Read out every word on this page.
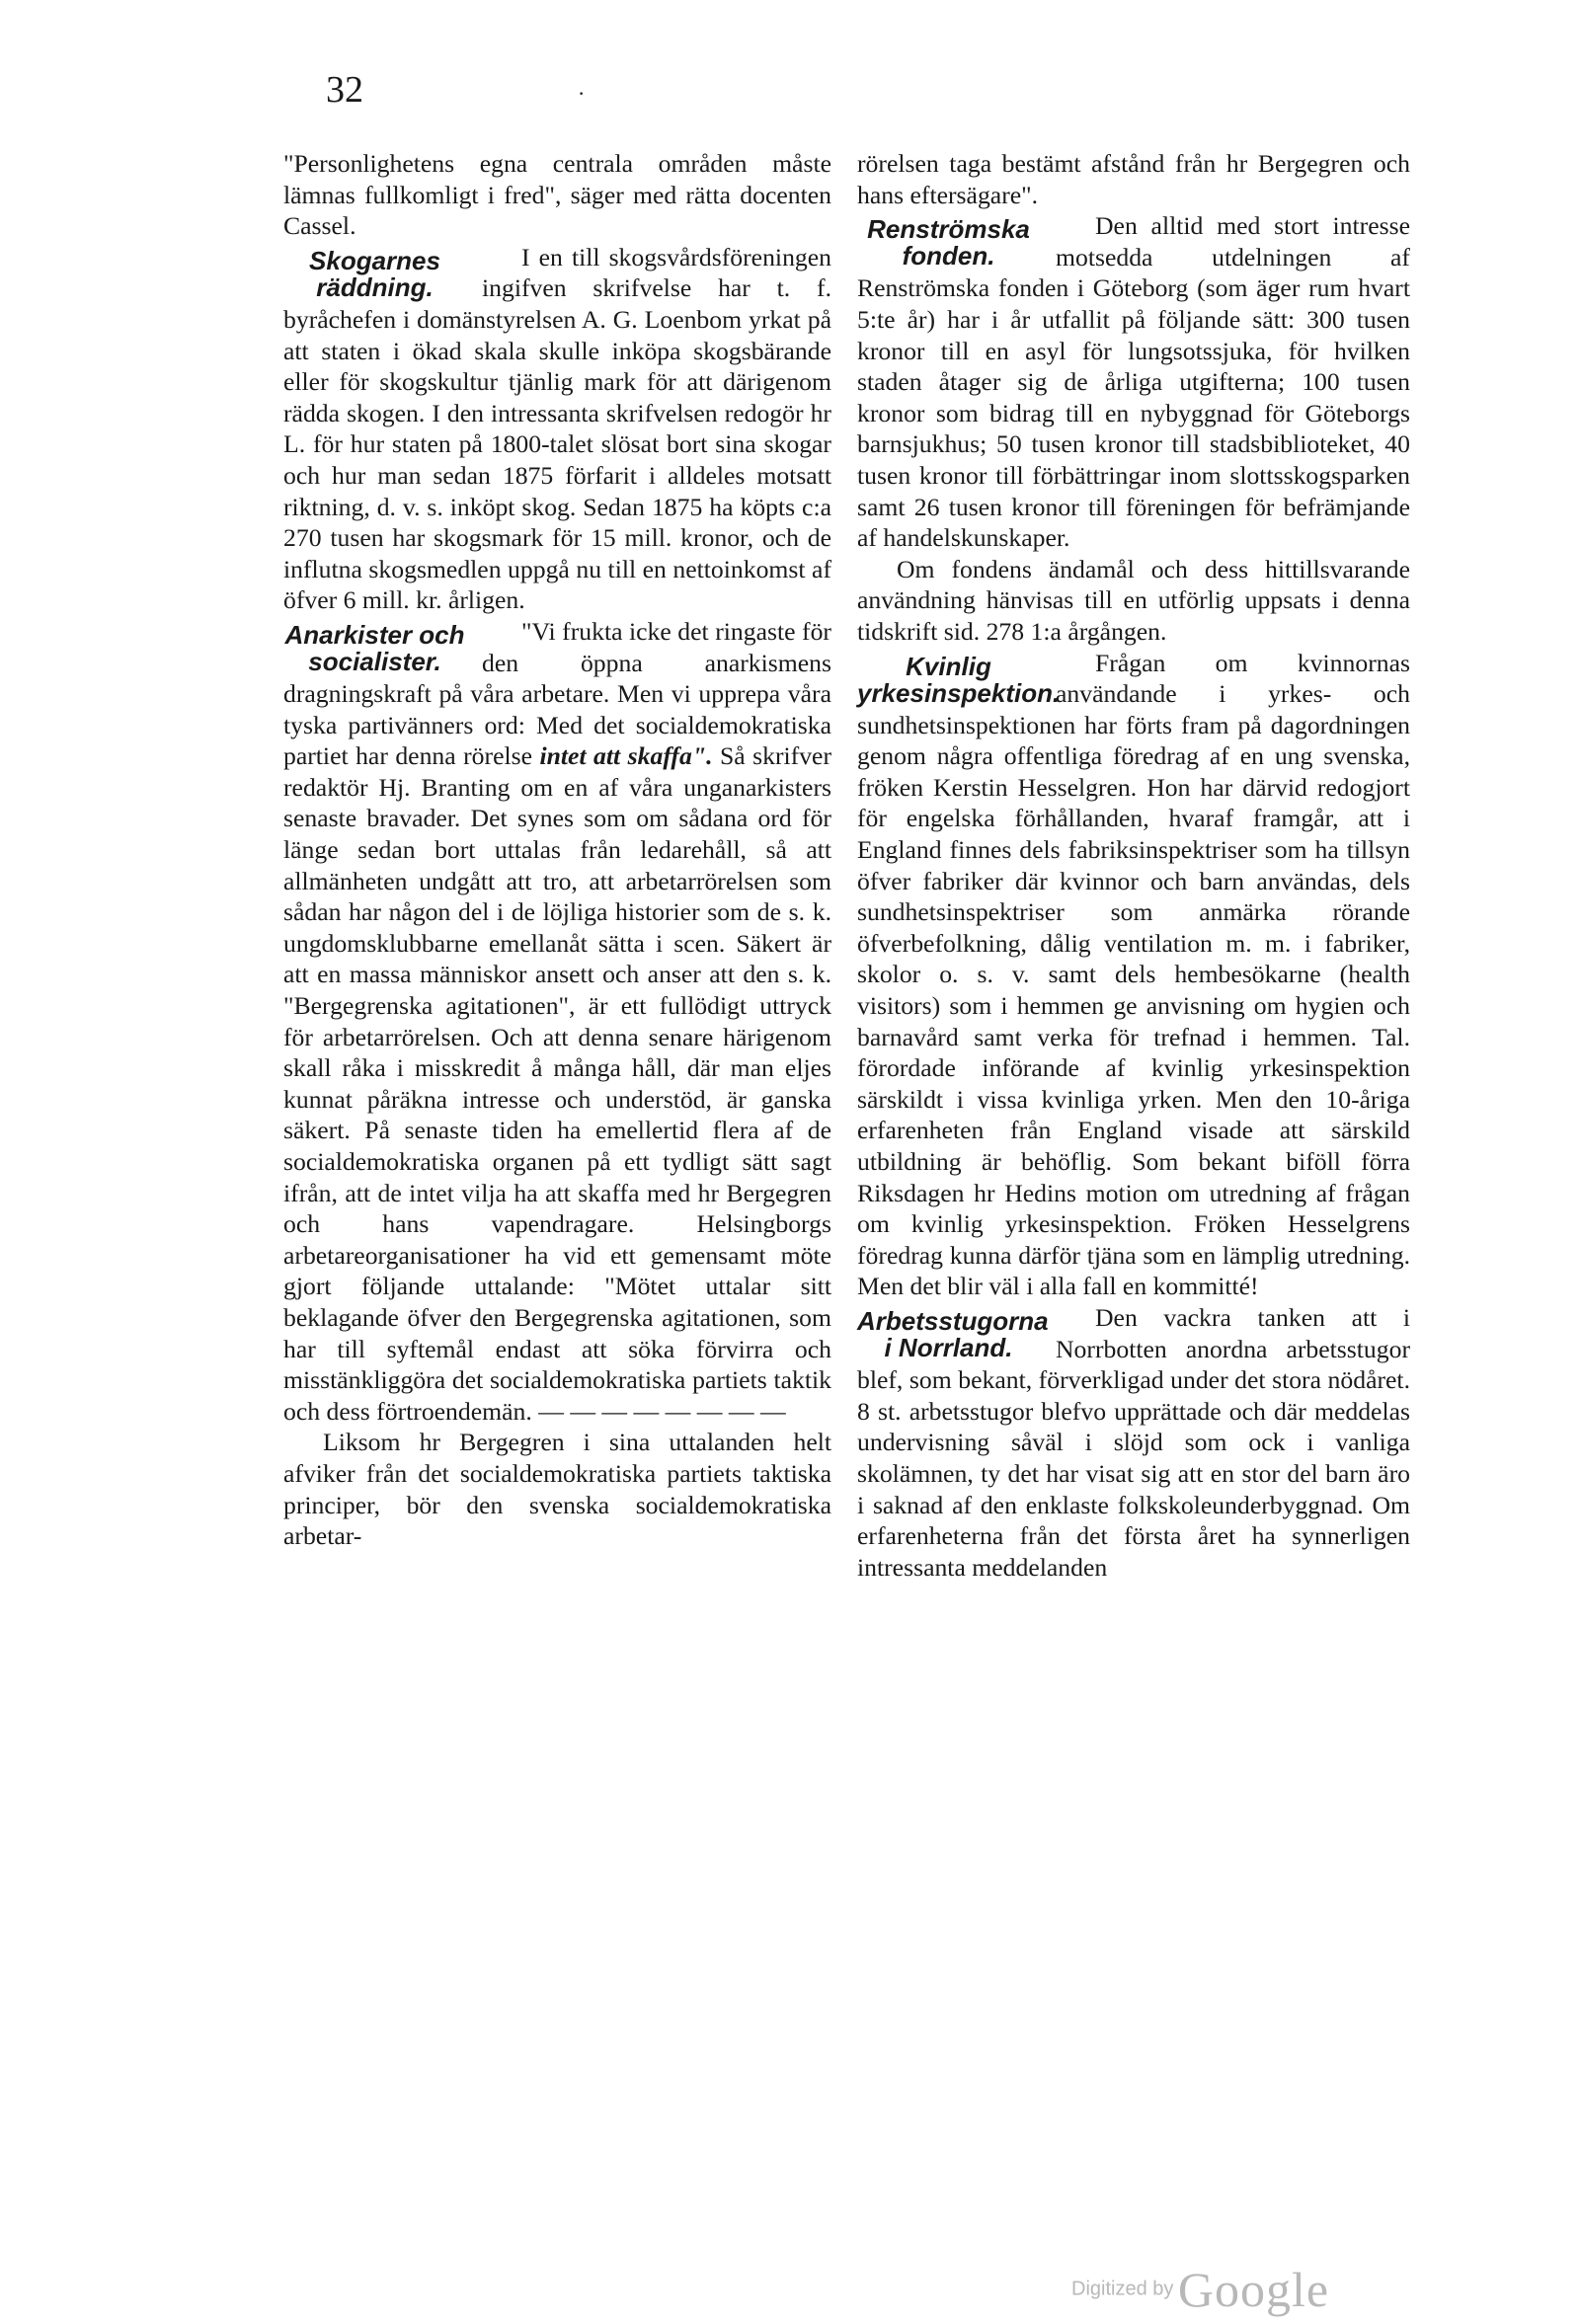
32	·

"Personlighetens egna centrala områden måste lämnas fullkomligt i fred", säger med rätta docenten Cassel.

Skogarnes räddning.

I en till skogsvårdsföreningen ingifven skrifvelse har t. f. byråchefen i domänstyrelsen A. G. Loenbom yrkat på att staten i ökad skala skulle inköpa skogsbärande eller för skogskultur tjänlig mark för att därigenom rädda skogen. I den intressanta skrifvelsen redogör hr L. för hur staten på 1800-talet slösat bort sina skogar och hur man sedan 1875 förfarit i alldeles motsatt riktning, d. v. s. inköpt skog. Sedan 1875 ha köpts c:a 270 tusen har skogsmark för 15 mill. kronor, och de influtna skogsmedlen uppgå nu till en nettoinkomst af öfver 6 mill. kr. årligen.

Anarkister och socialister.

"Vi frukta icke det ringaste för den öppna anarkismens dragningskraft på våra arbetare. Men vi upprepa våra tyska partivänners ord: Med det socialdemokratiska partiet har denna rörelse intet att skaffa". Så skrifver redaktör Hj. Branting om en af våra unganarkisters senaste bravader. Det synes som om sådana ord för länge sedan bort uttalas från ledarehåll, så att allmänheten undgått att tro, att arbetarrörelsen som sådan har någon del i de löjliga historier som de s. k. ungdomsklubbarne emellanåt sätta i scen. Säkert är att en massa människor ansett och anser att den s. k. "Bergegrenska agitationen", är ett fullödigt uttryck för arbetarrörelsen. Och att denna senare härigenom skall råka i misskredit å många håll, där man eljes kunnat påräkna intresse och understöd, är ganska säkert. På senaste tiden ha emellertid flera af de socialdemokratiska organen på ett tydligt sätt sagt ifrån, att de intet vilja ha att skaffa med hr Bergegren och hans vapendragare. Helsingborgs arbetareorganisationer ha vid ett gemensamt möte gjort följande uttalande: "Mötet uttalar sitt beklagande öfver den Bergegrenska agitationen, som har till syftemål endast att söka förvirra och misstänkliggöra det socialdemokratiska partiets taktik och dess förtroendemän. — — — — — — — —

Liksom hr Bergegren i sina uttalanden helt afviker från det socialdemokratiska partiets taktiska principer, bör den svenska socialdemokratiska arbetar-

rörelsen taga bestämt afstånd från hr Bergegren och hans eftersägare".

Renströmska fonden.

Den alltid med stort intresse motsedda utdelningen af Renströmska fonden i Göteborg (som äger rum hvart 5:te år) har i år utfallit på följande sätt: 300 tusen kronor till en asyl för lungsotssjuka, för hvilken staden åtager sig de årliga utgifterna; 100 tusen kronor som bidrag till en nybyggnad för Göteborgs barnsjukhus; 50 tusen kronor till stadsbiblioteket, 40 tusen kronor till förbättringar inom slottsskogsparken samt 26 tusen kronor till föreningen för befrämjande af handelskunskaper.

Om fondens ändamål och dess hittillsvarande användning hänvisas till en utförlig uppsats i denna tidskrift sid. 278 1:a årgången.

Kvinlig yrkesinspektion.

Frågan om kvinnornas användande i yrkes- och sundhetsinspektionen har förts fram på dagordningen genom några offentliga föredrag af en ung svenska, fröken Kerstin Hesselgren. Hon har därvid redogjort för engelska förhållanden, hvaraf framgår, att i England finnes dels fabriksinspektriser som ha tillsyn öfver fabriker där kvinnor och barn användas, dels sundhetsinspektriser som anmärka rörande öfverbefolkning, dålig ventilation m. m. i fabriker, skolor o. s. v. samt dels hembesökarne (health visitors) som i hemmen ge anvisning om hygien och barnavård samt verka för trefnad i hemmen. Tal. förordade införande af kvinlig yrkesinspektion särskildt i vissa kvinliga yrken. Men den 10-åriga erfarenheten från England visade att särskild utbildning är behöflig. Som bekant biföll förra Riksdagen hr Hedins motion om utredning af frågan om kvinlig yrkesinspektion. Fröken Hesselgrens föredrag kunna därför tjäna som en lämplig utredning. Men det blir väl i alla fall en kommitté!

Arbetsstugorna i Norrland.

Den vackra tanken att i Norrbotten anordna arbetsstugor blef, som bekant, förverkligad under det stora nödåret. 8 st. arbetsstugor blefvo upprättade och där meddelas undervisning såväl i slöjd som ock i vanliga skolämnen, ty det har visat sig att en stor del barn äro i saknad af den enklaste folkskoleunderbyggnad. Om erfarenheterna från det första året ha synnerligen intressanta meddelanden

Digitized by Google
